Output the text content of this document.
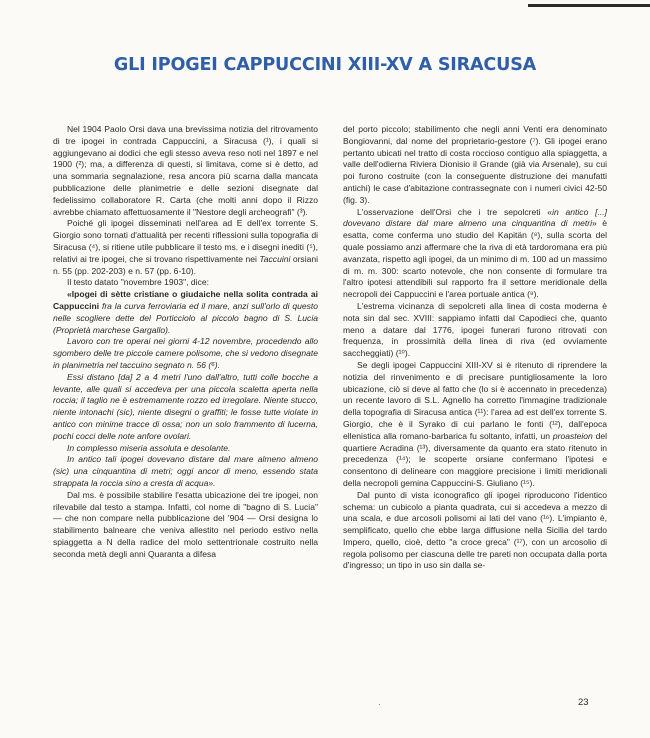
GLI IPOGEI CAPPUCCINI XIII-XV A SIRACUSA

Nel 1904 Paolo Orsi dava una brevissima notizia del ritrovamento di tre ipogei in contrada Cappuccini, a Siracusa (¹), i quali si aggiungevano ai dodici che egli stesso aveva reso noti nel 1897 e nel 1900 (²); ma, a differenza di questi, si limitava, come si è detto, ad una sommaria segnalazione, resa ancora più scarna dalla mancata pubblicazione delle planimetrie e delle sezioni disegnate dal fedelissimo collaboratore R. Carta (che molti anni dopo il Rizzo avrebbe chiamato affettuosamente il "Nestore degli archeografi" (³).

Poiché gli ipogei disseminati nell'area ad E dell'ex torrente S. Giorgio sono tornati d'attualità per recenti riflessioni sulla topografia di Siracusa (⁴), si ritiene utile pubblicare il testo ms. e i disegni inediti (⁵), relativi ai tre ipogei, che si trovano rispettivamente nei Taccuini orsiani n. 55 (pp. 202-203) e n. 57 (pp. 6-10).

Il testo datato "novembre 1903", dice:

«Ipogei di sètte cristiane o giudaiche nella solita contrada ai Cappuccini fra la curva ferroviaria ed il mare, anzi sull'orlo di questo nelle scogliere dette del Porticciolo al piccolo bagno di S. Lucia (Proprietà marchese Gargallo).

Lavoro con tre operai nei giorni 4-12 novembre, procedendo allo sgombero delle tre piccole camere polisome, che si vedono disegnate in planimetria nel taccuino segnato n. 56 (⁶).

Essi distano [da] 2 a 4 metri l'uno dall'altro, tutti colle bocche a levante, alle quali si accedeva per una piccola scaletta aperta nella roccia; il taglio ne è estremamente rozzo ed irregolare. Niente stucco, niente intonachi (sic), niente disegni o graffiti; le fosse tutte violate in antico con minime tracce di ossa; non un solo frammento di lucerna, pochi cocci delle note anfore ovolari.

In complesso miseria assoluta e desolante.

In antico tali ipogei dovevano distare dal mare almeno almeno (sic) una cinquantina di metri; oggi ancor di meno, essendo stata strappata la roccia sino a cresta di acqua».

Dal ms. è possibile stabilire l'esatta ubicazione dei tre ipogei, non rilevabile dal testo a stampa. Infatti, col nome di "bagno di S. Lucia" — che non compare nella pubblicazione del '904 — Orsi designa lo stabilimento balneare che veniva allestito nel periodo estivo nella spiaggetta a N della radice del molo settentrionale costruito nella seconda metà degli anni Quaranta a difesa

del porto piccolo; stabilimento che negli anni Venti era denominato Bongiovanni, dal nome del proprietario-gestore (⁷). Gli ipogei erano pertanto ubicati nel tratto di costa roccioso contiguo alla spiaggetta, a valle dell'odierna Riviera Dionisio il Grande (già via Arsenale), su cui poi furono costruite (con la conseguente distruzione dei manufatti antichi) le case d'abitazione contrassegnate con i numeri civici 42-50 (fig. 3).

L'osservazione dell'Orsi che i tre sepolcreti «in antico [...] dovevano distare dal mare almeno una cinquantina di metri» è esatta, come conferma uno studio del Kapitän (⁸), sulla scorta del quale possiamo anzi affermare che la riva di età tardoromana era più avanzata, rispetto agli ipogei, da un minimo di m. 100 ad un massimo di m. m. 300: scarto notevole, che non consente di formulare tra l'altro ipotesi attendibili sul rapporto fra il settore meridionale della necropoli dei Cappuccini e l'area portuale antica (⁹).

L'estrema vicinanza di sepolcreti alla linea di costa moderna è nota sin dal sec. XVIII: sappiamo infatti dal Capodieci che, quanto meno a datare dal 1776, ipogei funerari furono ritrovati con frequenza, in prossimità della linea di riva (ed ovviamente saccheggiati) (¹⁰).

Se degli ipogei Cappuccini XIII-XV si è ritenuto di riprendere la notizia del rinvenimento e di precisare puntigliosamente la loro ubicazione, ciò si deve al fatto che (lo si è accennato in precedenza) un recente lavoro di S.L. Agnello ha corretto l'immagine tradizionale della topografia di Siracusa antica (¹¹): l'area ad est dell'ex torrente S. Giorgio, che è il Syrako di cui parlano le fonti (¹²), dall'epoca ellenistica alla romano-barbarica fu soltanto, infatti, un proasteion del quartiere Acradina (¹³), diversamente da quanto era stato ritenuto in precedenza (¹⁴); le scoperte orsiane confermano l'ipotesi e consentono di delineare con maggiore precisione i limiti meridionali della necropoli gemina Cappuccini-S. Giuliano (¹⁵).

Dal punto di vista iconografico gli ipogei riproducono l'identico schema: un cubicolo a pianta quadrata, cui si accedeva a mezzo di una scala, e due arcosoli polisomi ai lati del vano (¹⁶). L'impianto è, semplificato, quello che ebbe larga diffusione nella Sicilia del tardo Impero, quello, cioè, detto "a croce greca" (¹⁷), con un arcosolio di regola polisomo per ciascuna delle tre pareti non occupata dalla porta d'ingresso; un tipo in uso sin dalla se-

·	23
